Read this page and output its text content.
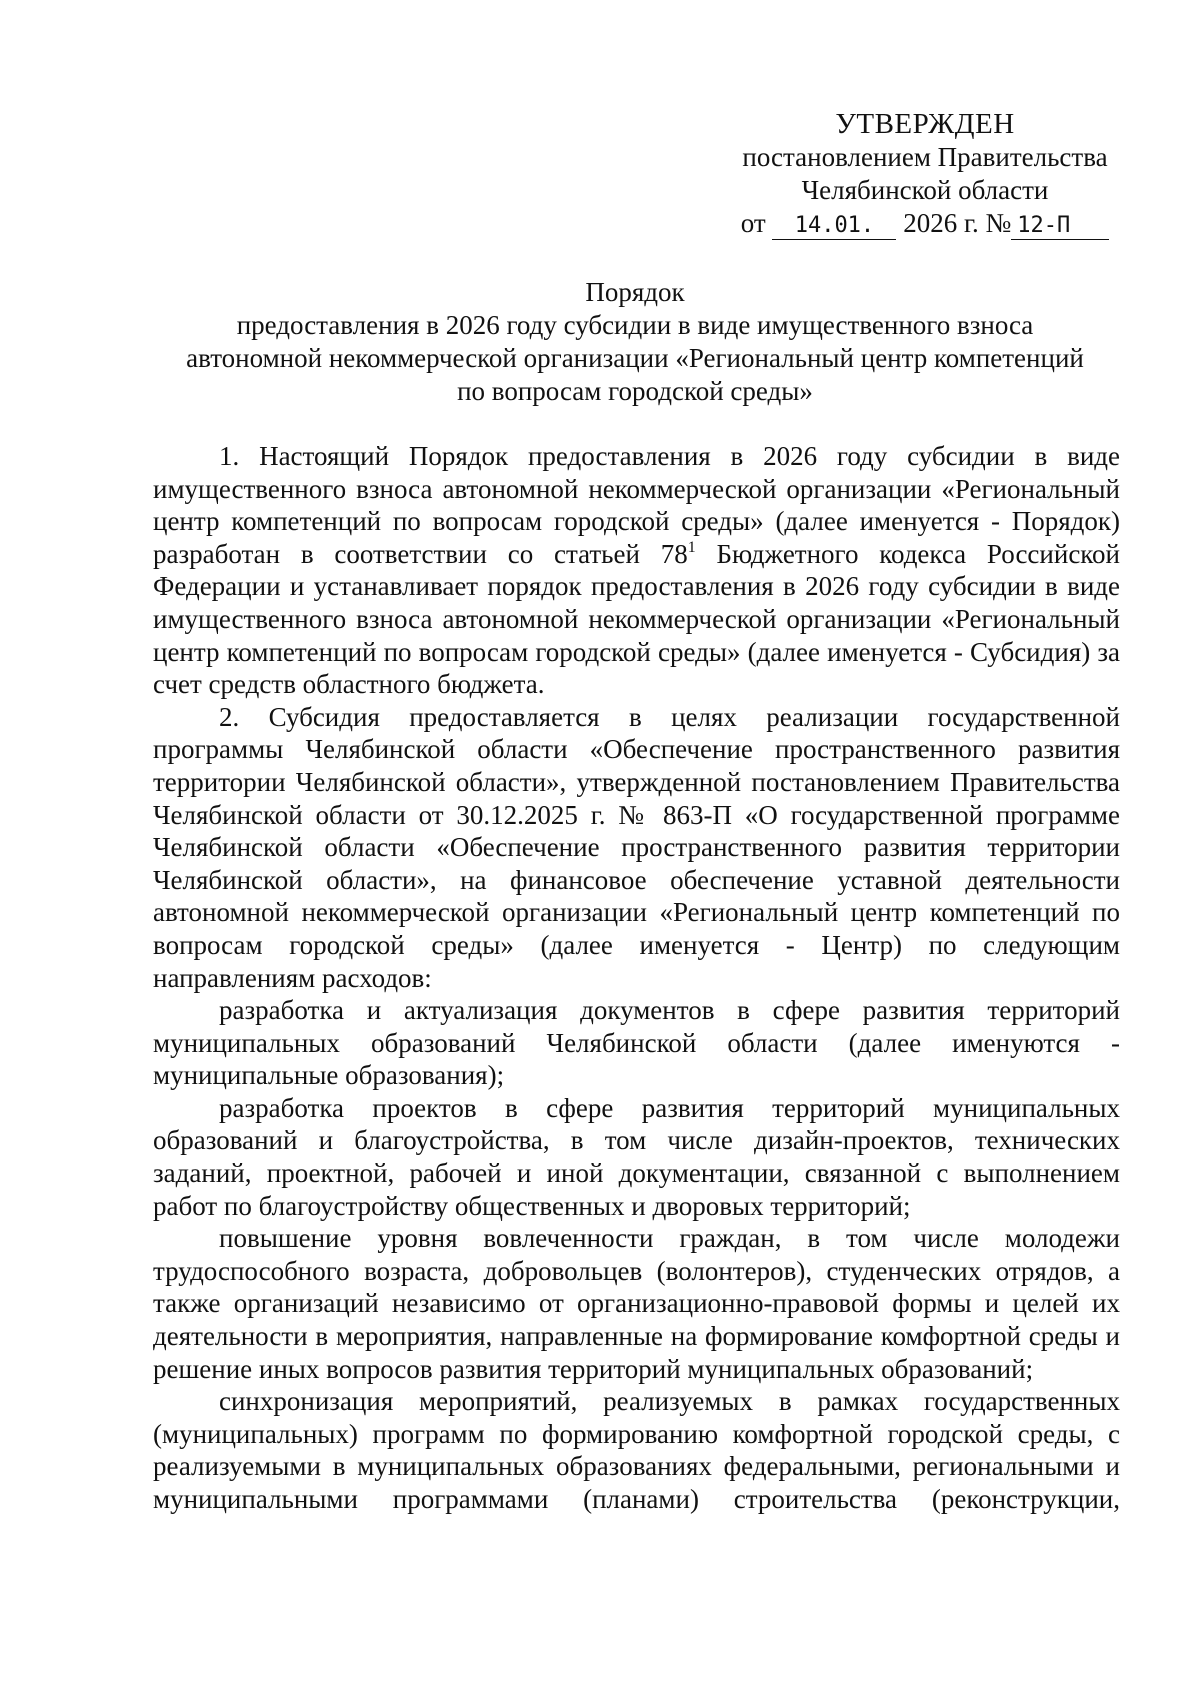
УТВЕРЖДЕН
постановлением Правительства
Челябинской области
от 14.01. 2026 г. № 12-П
Порядок
предоставления в 2026 году субсидии в виде имущественного взноса
автономной некоммерческой организации «Региональный центр компетенций
по вопросам городской среды»

1. Настоящий Порядок предоставления в 2026 году субсидии в виде имущественного взноса автономной некоммерческой организации «Региональный центр компетенций по вопросам городской среды» (далее именуется - Порядок) разработан в соответствии со статьей $78^1$ Бюджетного кодекса Российской Федерации и устанавливает порядок предоставления в 2026 году субсидии в виде имущественного взноса автономной некоммерческой организации «Региональный центр компетенций по вопросам городской среды» (далее именуется - Субсидия) за счет средств областного бюджета.

2. Субсидия предоставляется в целях реализации государственной программы Челябинской области «Обеспечение пространственного развития территории Челябинской области», утвержденной постановлением Правительства Челябинской области от 30.12.2025 г. № 863-П «О государственной программе Челябинской области «Обеспечение пространственного развития территории Челябинской области», на финансовое обеспечение уставной деятельности автономной некоммерческой организации «Региональный центр компетенций по вопросам городской среды» (далее именуется - Центр) по следующим направлениям расходов:

разработка и актуализация документов в сфере развития территорий муниципальных образований Челябинской области (далее именуются - муниципальные образования);

разработка проектов в сфере развития территорий муниципальных образований и благоустройства, в том числе дизайн-проектов, технических заданий, проектной, рабочей и иной документации, связанной с выполнением работ по благоустройству общественных и дворовых территорий;

повышение уровня вовлеченности граждан, в том числе молодежи трудоспособного возраста, добровольцев (волонтеров), студенческих отрядов, а также организаций независимо от организационно-правовой формы и целей их деятельности в мероприятия, направленные на формирование комфортной среды и решение иных вопросов развития территорий муниципальных образований;

синхронизация мероприятий, реализуемых в рамках государственных (муниципальных) программ по формированию комфортной городской среды, с реализуемыми в муниципальных образованиях федеральными, региональными и муниципальными программами (планами) строительства (реконструкции,
